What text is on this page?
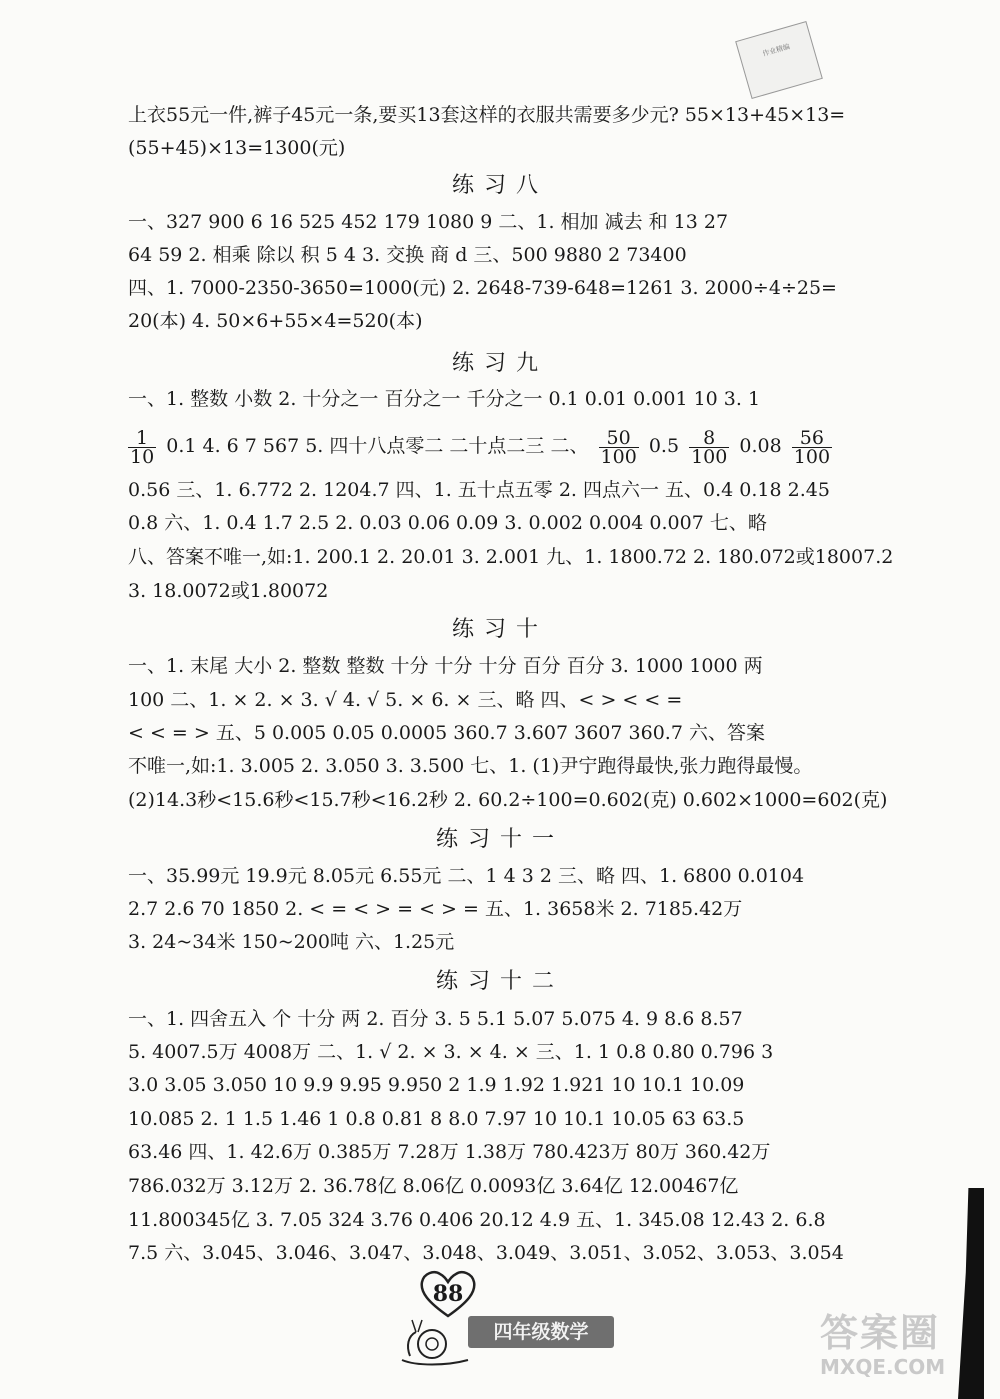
作业精编
上衣55元一件,裤子45元一条,要买13套这样的衣服共需要多少元? 55×13+45×13=
(55+45)×13=1300(元)
练习八
一、327 900 6 16 525 452 179 1080 9 二、1. 相加 减去 和 13 27
64 59 2. 相乘 除以 积 5 4 3. 交换 商 d 三、500 9880 2 73400
四、1. 7000-2350-3650=1000(元) 2. 2648-739-648=1261 3. 2000÷4÷25=
20(本) 4. 50×6+55×4=520(本)
练习九
一、1. 整数 小数 2. 十分之一 百分之一 千分之一 0.1 0.01 0.001 10 3. 1
$\frac{1}{10} 0.1$ 4. 6 7 567 5. 四十八点零二 二十点二三 二、 $\frac{50}{100} 0.5 \frac{8}{100} 0.08 \frac{56}{100}$
0.56 三、1. 6.772 2. 1204.7 四、1. 五十点五零 2. 四点六一 五、0.4 0.18 2.45
0.8 六、1. 0.4 1.7 2.5 2. 0.03 0.06 0.09 3. 0.002 0.004 0.007 七、略
八、答案不唯一,如:1. 200.1 2. 20.01 3. 2.001 九、1. 1800.72 2. 180.072或18007.2
3. 18.0072或1.80072
练习十
一、1. 末尾 大小 2. 整数 整数 十分 十分 十分 百分 百分 3. 1000 1000 两
100 二、1. × 2. × 3. √ 4. √ 5. × 6. × 三、略 四、< > < < =
< < = > 五、5 0.005 0.05 0.0005 360.7 3.607 3607 360.7 六、答案
不唯一,如:1. 3.005 2. 3.050 3. 3.500 七、1. (1)尹宁跑得最快,张力跑得最慢。
(2)14.3秒<15.6秒<15.7秒<16.2秒 2. 60.2÷100=0.602(克) 0.602×1000=602(克)
练习十一
一、35.99元 19.9元 8.05元 6.55元 二、1 4 3 2 三、略 四、1. 6800 0.0104
2.7 2.6 70 1850 2. < = < > = < > = 五、1. 3658米 2. 7185.42万
3. 24~34米 150~200吨 六、1.25元
练习十二
一、1. 四舍五入 个 十分 两 2. 百分 3. 5 5.1 5.07 5.075 4. 9 8.6 8.57
5. 4007.5万 4008万 二、1. √ 2. × 3. × 4. × 三、1. 1 0.8 0.80 0.796 3
3.0 3.05 3.050 10 9.9 9.95 9.950 2 1.9 1.92 1.921 10 10.1 10.09
10.085 2. 1 1.5 1.46 1 0.8 0.81 8 8.0 7.97 10 10.1 10.05 63 63.5
63.46 四、1. 42.6万 0.385万 7.28万 1.38万 780.423万 80万 360.42万
786.032万 3.12万 2. 36.78亿 8.06亿 0.0093亿 3.64亿 12.00467亿
11.800345亿 3. 7.05 324 3.76 0.406 20.12 4.9 五、1. 345.08 12.43 2. 6.8
7.5 六、3.045、3.046、3.047、3.048、3.049、3.051、3.052、3.053、3.054
88
四年级数学	答案圈
MXQE.COM
